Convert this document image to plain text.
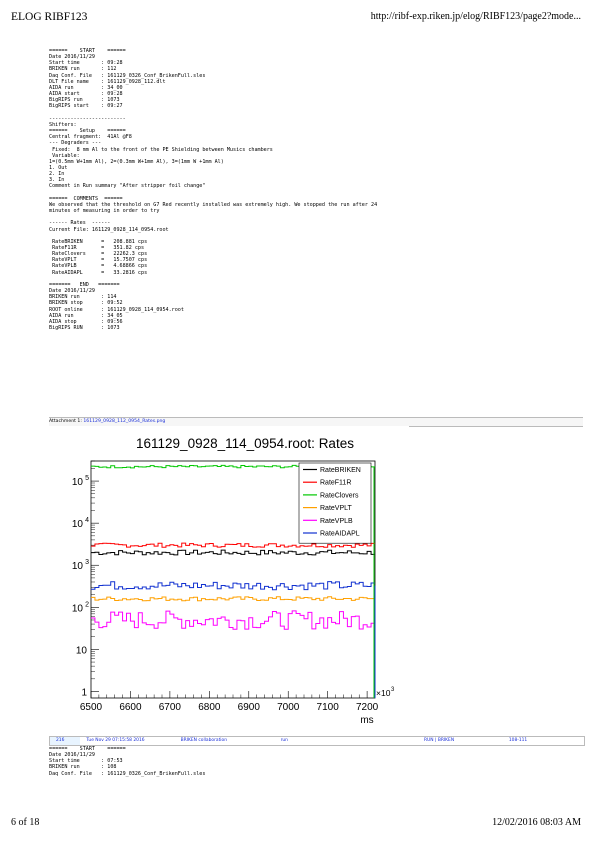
ELOG RIBF123	http://ribf-exp.riken.jp/elog/RIBF123/page2?mode...
======    START    ======
Date 2016/11/29
Start time       : 09:28
BRIKEN run       : 112
Daq Conf. File   : 161129_0326_Conf_BrikenFull.sles
DLT File name    : 161129_0928_112.dlt
AIDA run         : 34_00
AIDA start       : 09:28
BigRIPS run      : 1073
BigRIPS start    : 09:27

-------------------------
Shifters:
======    Setup    ======
Central fragment:  41Al @F8
--- Degraders ---
Fixed:  8 mm Al to the front of the PE Shielding between Musics chambers
Variable:
1=(0.5mm W+1mm Al), 2=(0.3mm W+1mm Al), 3=(1mm W +1mm Al)
1. Out
2. In
3. In
Comment in Run summary "After stripper foil change"

======  COMMENTS  ======
We observed that the threshold on G7 Red recently installed was extremely high. We stopped the run after 24
minutes of measuring in order to try

------ Rates  ------
Current File: 161129_0928_114_0954.root

RateBRIKEN      =   208.881 cps
RateF11R        =   351.82 cps
RateClovers     =   22262.3 cps
RateVPLT        =   15.7507 cps
RateVPLB        =   4.68866 cps
RateAIDAPL      =   33.2816 cps

=======   END   =======
Date 2016/11/29
BRIKEN run       : 114
BRIKEN stop      : 09:52
ROOT online      : 161129_0928_114_0954.root
AIDA run         : 34_05
AIDA stop        : 09:56
BigRIPS RUN      : 1073
Attachment 1: 161129_0928_112_0954_Rates.png
161129_0928_114_0954.root: Rates
6500 6600 6700 6800 6900 7000 7100 7200
ms
×10 3
1
10
10 2
10 3
10 4
10 5
RateBRIKEN
RateF11R
RateClovers
RateVPLT
RateVPLB
RateAIDAPL
216	Tue Nov 29 07:15:58 2016	BRIKEN collaboration	run	RUN | BRIKEN	108-111
======    START    ======
Date 2016/11/29
Start time       : 07:53
BRIKEN run       : 108
Daq Conf. File   : 161129_0326_Conf_BrikenFull.sles
6 of 18	12/02/2016 08:03 AM
